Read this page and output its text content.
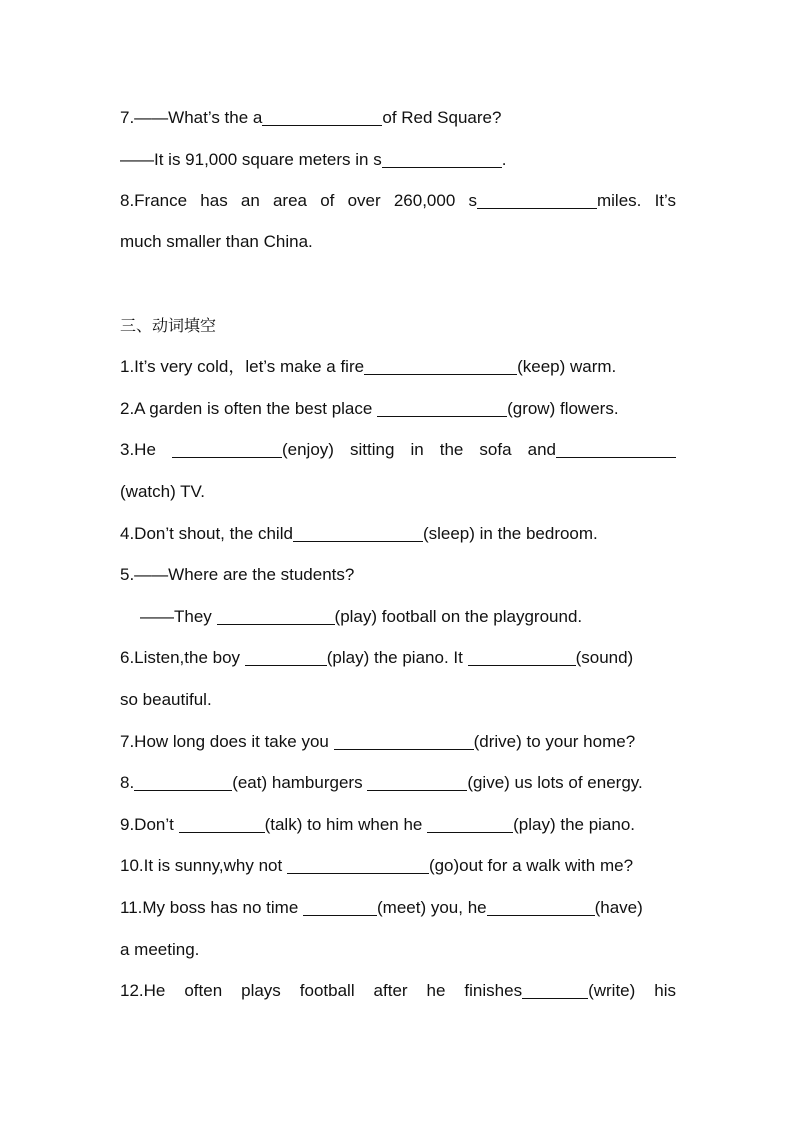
7.——What’s the a	of Red Square?
——It is 91,000 square meters in s	.
8.France has an area of over 260,000 s	miles. It’s
much smaller than China.
三、动词填空
1.It’s very cold，let’s make a fire	(keep) warm.
2.A garden is often the best place	(grow) flowers.
3.He	(enjoy) sitting in the sofa and
(watch) TV.
4.Don’t shout, the child	(sleep) in the bedroom.
5.——Where are the students?
——They	(play) football on the playground.
6.Listen,the boy	(play) the piano. It	(sound)
so beautiful.
7.How long does it take you	(drive) to your home?
8.	(eat) hamburgers	(give) us lots of energy.
9.Don’t	(talk) to him when he	(play) the piano.
10.It is sunny,why not	(go)out for a walk with me?
11.My boss has no time	(meet) you, he	(have)
a meeting.
12.He often plays football after he finishes	(write) his
